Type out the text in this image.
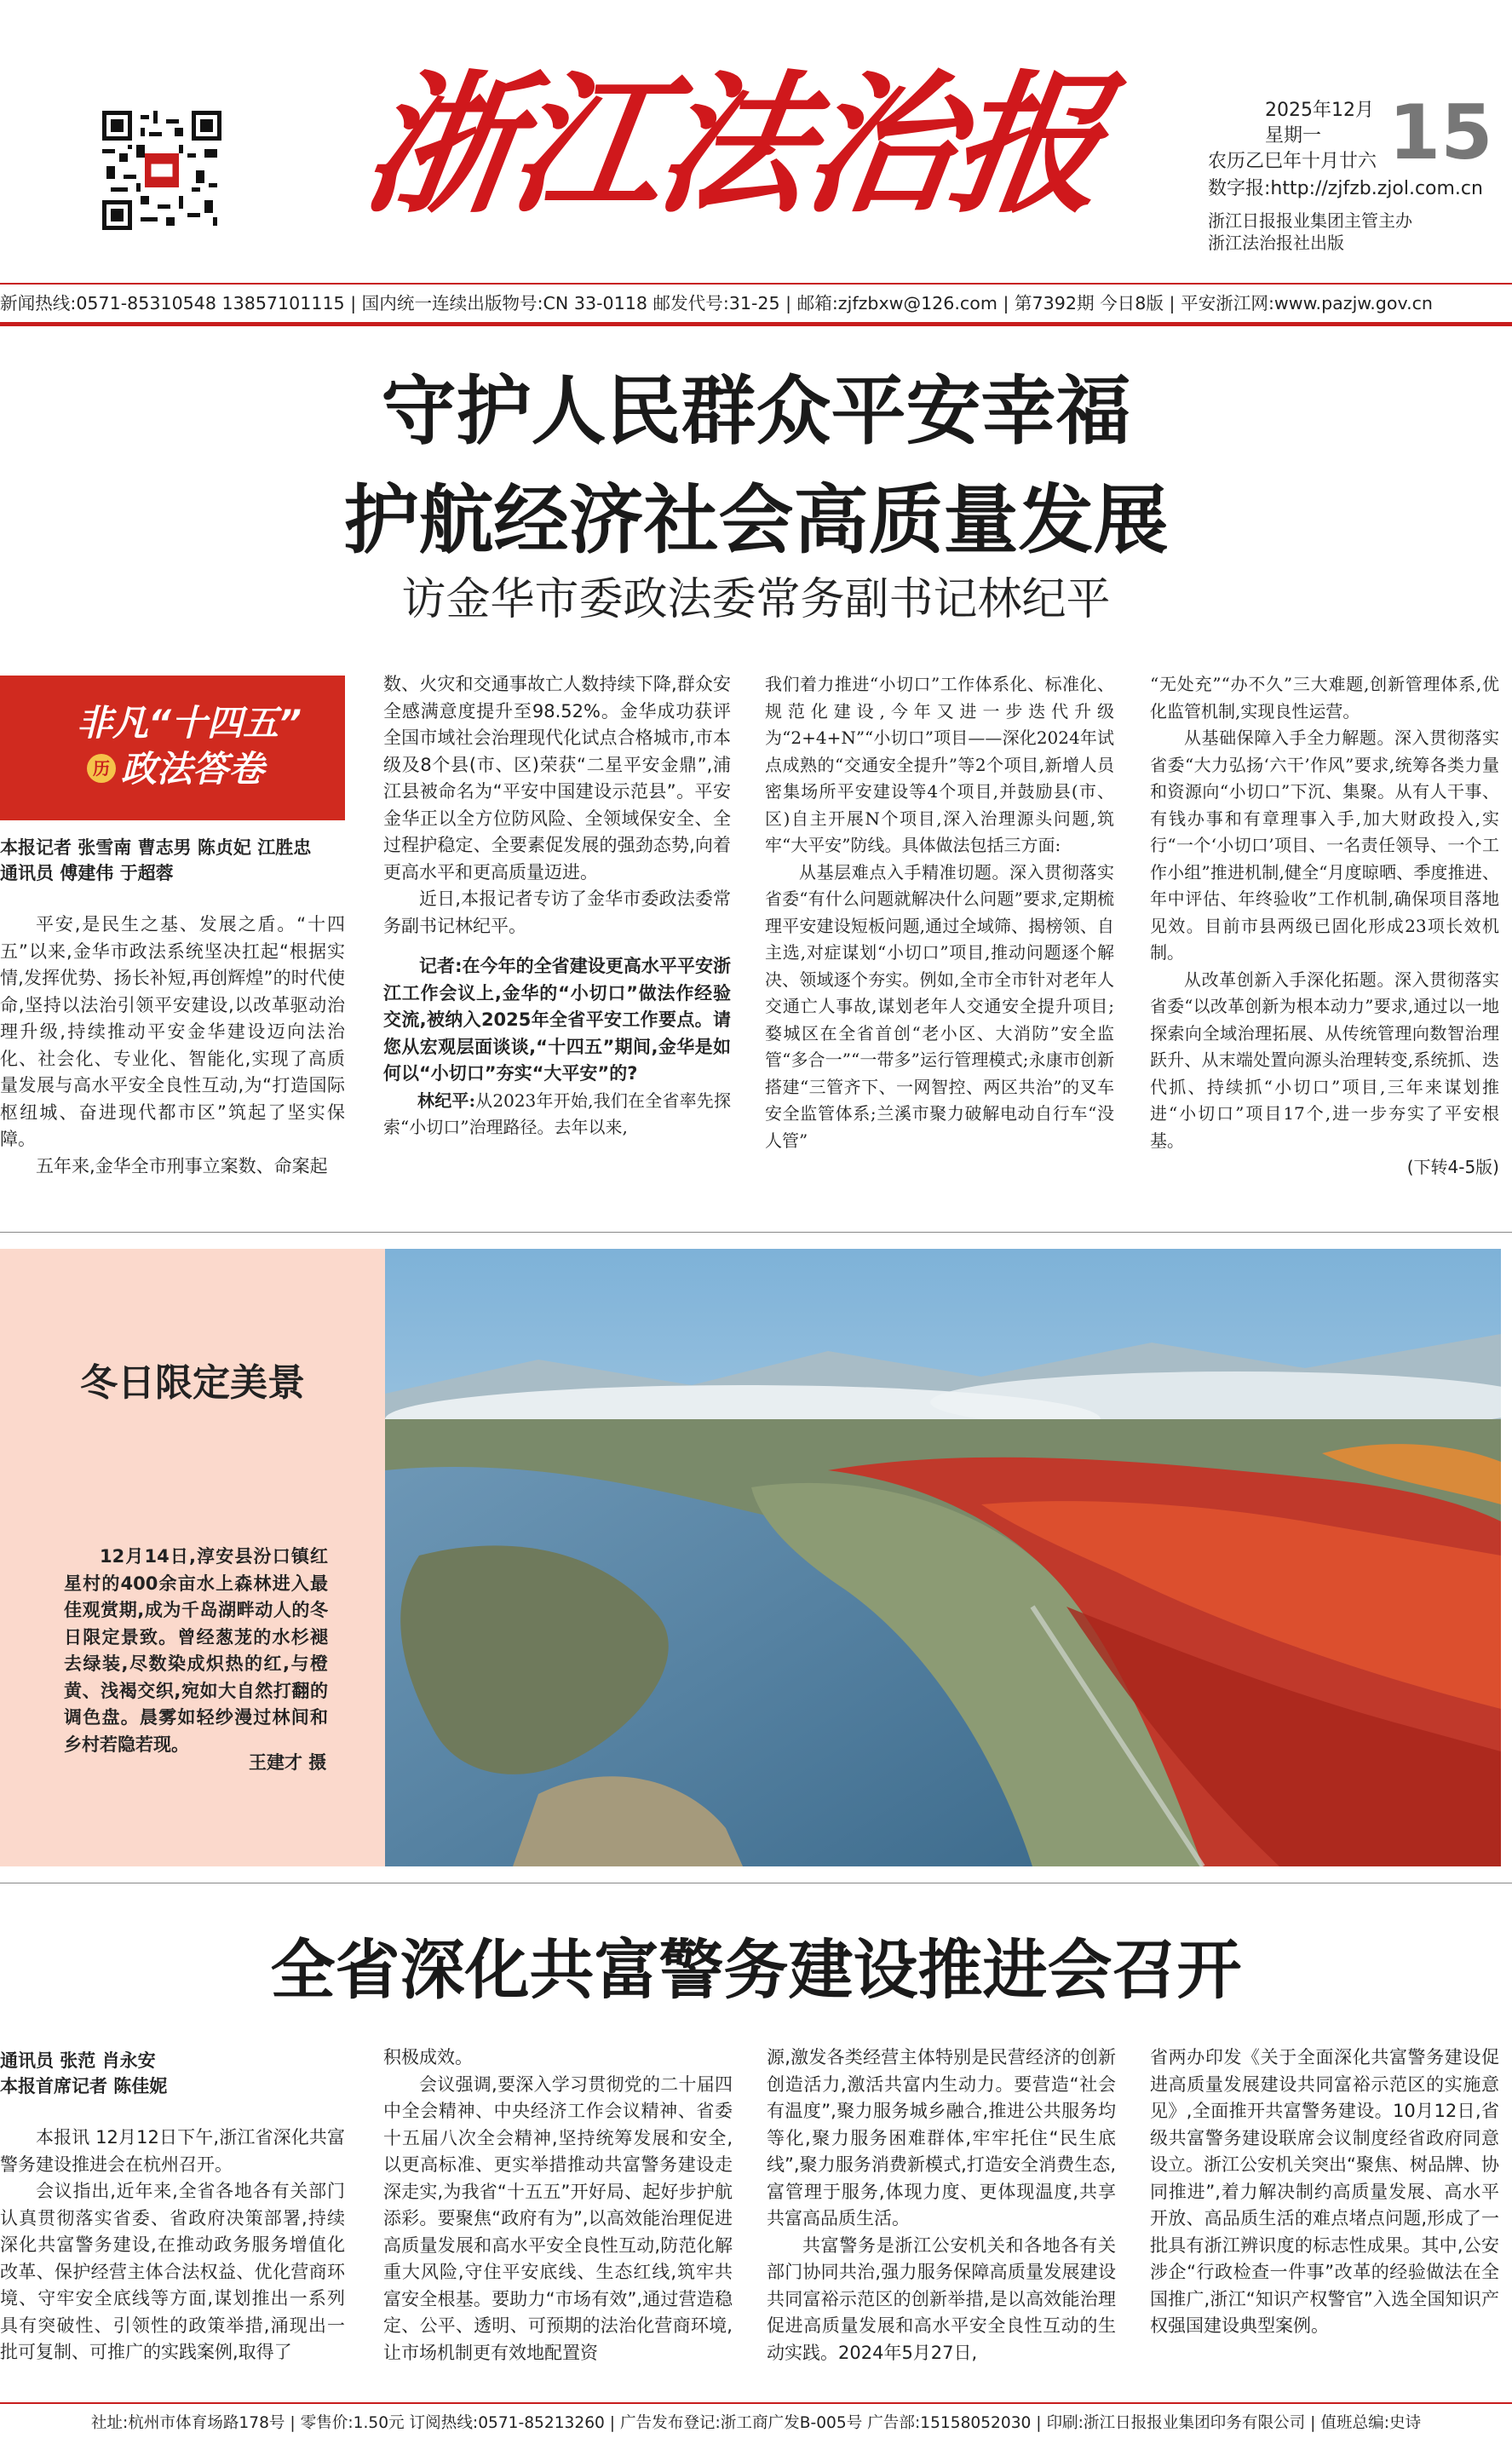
浙江法治报	2025年12月
星期一
农历乙巳年十月廿六 15
数字报:http://zjfzb.zjol.com.cn
浙江日报报业集团主管主办
浙江法治报社出版
新闻热线:0571-85310548 13857101115 | 国内统一连续出版物号:CN 33-0118 邮发代号:31-25 | 邮箱:zjfzbxw@126.com | 第7392期 今日8版 | 平安浙江网:www.pazjw.gov.cn
守护人民群众平安幸福
护航经济社会高质量发展
访金华市委政法委常务副书记林纪平
非凡“十四五”
历 政法答卷
本报记者 张雪南 曹志男 陈贞妃 江胜忠
通讯员 傅建伟 于超蓉

平安,是民生之基、发展之盾。“十四五”以来,金华市政法系统坚决扛起“根据实情,发挥优势、扬长补短,再创辉煌”的时代使命,坚持以法治引领平安建设,以改革驱动治理升级,持续推动平安金华建设迈向法治化、社会化、专业化、智能化,实现了高质量发展与高水平安全良性互动,为“打造国际枢纽城、奋进现代都市区”筑起了坚实保障。

五年来,金华全市刑事立案数、命案起

数、火灾和交通事故亡人数持续下降,群众安全感满意度提升至98.52%。金华成功获评全国市域社会治理现代化试点合格城市,市本级及8个县(市、区)荣获“二星平安金鼎”,浦江县被命名为“平安中国建设示范县”。平安金华正以全方位防风险、全领域保安全、全过程护稳定、全要素促发展的强劲态势,向着更高水平和更高质量迈进。

近日,本报记者专访了金华市委政法委常务副书记林纪平。

记者:在今年的全省建设更高水平平安浙江工作会议上,金华的“小切口”做法作经验交流,被纳入2025年全省平安工作要点。请您从宏观层面谈谈,“十四五”期间,金华是如何以“小切口”夯实“大平安”的?

林纪平:从2023年开始,我们在全省率先探索“小切口”治理路径。去年以来,

我们着力推进“小切口”工作体系化、标准化、规范化建设,今年又进一步迭代升级为“2+4+N”“小切口”项目——深化2024年试点成熟的“交通安全提升”等2个项目,新增人员密集场所平安建设等4个项目,并鼓励县(市、区)自主开展N个项目,深入治理源头问题,筑牢“大平安”防线。具体做法包括三方面:

从基层难点入手精准切题。深入贯彻落实省委“有什么问题就解决什么问题”要求,定期梳理平安建设短板问题,通过全域筛、揭榜领、自主选,对症谋划“小切口”项目,推动问题逐个解决、领域逐个夯实。例如,全市全市针对老年人交通亡人事故,谋划老年人交通安全提升项目;婺城区在全省首创“老小区、大消防”安全监管“多合一”“一带多”运行管理模式;永康市创新搭建“三管齐下、一网智控、两区共治”的叉车安全监管体系;兰溪市聚力破解电动自行车“没人管”

“无处充”“办不久”三大难题,创新管理体系,优化监管机制,实现良性运营。

从基础保障入手全力解题。深入贯彻落实省委“大力弘扬‘六干’作风”要求,统筹各类力量和资源向“小切口”下沉、集聚。从有人干事、有钱办事和有章理事入手,加大财政投入,实行“一个‘小切口’项目、一名责任领导、一个工作小组”推进机制,健全“月度晾晒、季度推进、年中评估、年终验收”工作机制,确保项目落地见效。目前市县两级已固化形成23项长效机制。

从改革创新入手深化拓题。深入贯彻落实省委“以改革创新为根本动力”要求,通过以一地探索向全域治理拓展、从传统管理向数智治理跃升、从末端处置向源头治理转变,系统抓、迭代抓、持续抓“小切口”项目,三年来谋划推进“小切口”项目17个,进一步夯实了平安根基。

(下转4-5版)

冬日限定美景
12月14日,淳安县汾口镇红星村的400余亩水上森林进入最佳观赏期,成为千岛湖畔动人的冬日限定景致。曾经葱茏的水杉褪去绿装,尽数染成炽热的红,与橙黄、浅褐交织,宛如大自然打翻的调色盘。晨雾如轻纱漫过林间和乡村若隐若现。
王建才 摄
全省深化共富警务建设推进会召开
通讯员 张范 肖永安
本报首席记者 陈佳妮

本报讯 12月12日下午,浙江省深化共富警务建设推进会在杭州召开。

会议指出,近年来,全省各地各有关部门认真贯彻落实省委、省政府决策部署,持续深化共富警务建设,在推动政务服务增值化改革、保护经营主体合法权益、优化营商环境、守牢安全底线等方面,谋划推出一系列具有突破性、引领性的政策举措,涌现出一批可复制、可推广的实践案例,取得了

积极成效。

会议强调,要深入学习贯彻党的二十届四中全会精神、中央经济工作会议精神、省委十五届八次全会精神,坚持统筹发展和安全,以更高标准、更实举措推动共富警务建设走深走实,为我省“十五五”开好局、起好步护航添彩。要聚焦“政府有为”,以高效能治理促进高质量发展和高水平安全良性互动,防范化解重大风险,守住平安底线、生态红线,筑牢共富安全根基。要助力“市场有效”,通过营造稳定、公平、透明、可预期的法治化营商环境,让市场机制更有效地配置资

源,激发各类经营主体特别是民营经济的创新创造活力,激活共富内生动力。要营造“社会有温度”,聚力服务城乡融合,推进公共服务均等化,聚力服务困难群体,牢牢托住“民生底线”,聚力服务消费新模式,打造安全消费生态,富管理于服务,体现力度、更体现温度,共享共富高品质生活。

共富警务是浙江公安机关和各地各有关部门协同共治,强力服务保障高质量发展建设共同富裕示范区的创新举措,是以高效能治理促进高质量发展和高水平安全良性互动的生动实践。2024年5月27日,

省两办印发《关于全面深化共富警务建设促进高质量发展建设共同富裕示范区的实施意见》,全面推开共富警务建设。10月12日,省级共富警务建设联席会议制度经省政府同意设立。浙江公安机关突出“聚焦、树品牌、协同推进”,着力解决制约高质量发展、高水平开放、高品质生活的难点堵点问题,形成了一批具有浙江辨识度的标志性成果。其中,公安涉企“行政检查一件事”改革的经验做法在全国推广,浙江“知识产权警官”入选全国知识产权强国建设典型案例。

社址:杭州市体育场路178号 | 零售价:1.50元 订阅热线:0571-85213260 | 广告发布登记:浙工商广发B-005号 广告部:15158052030 | 印刷:浙江日报报业集团印务有限公司 | 值班总编:史诗
